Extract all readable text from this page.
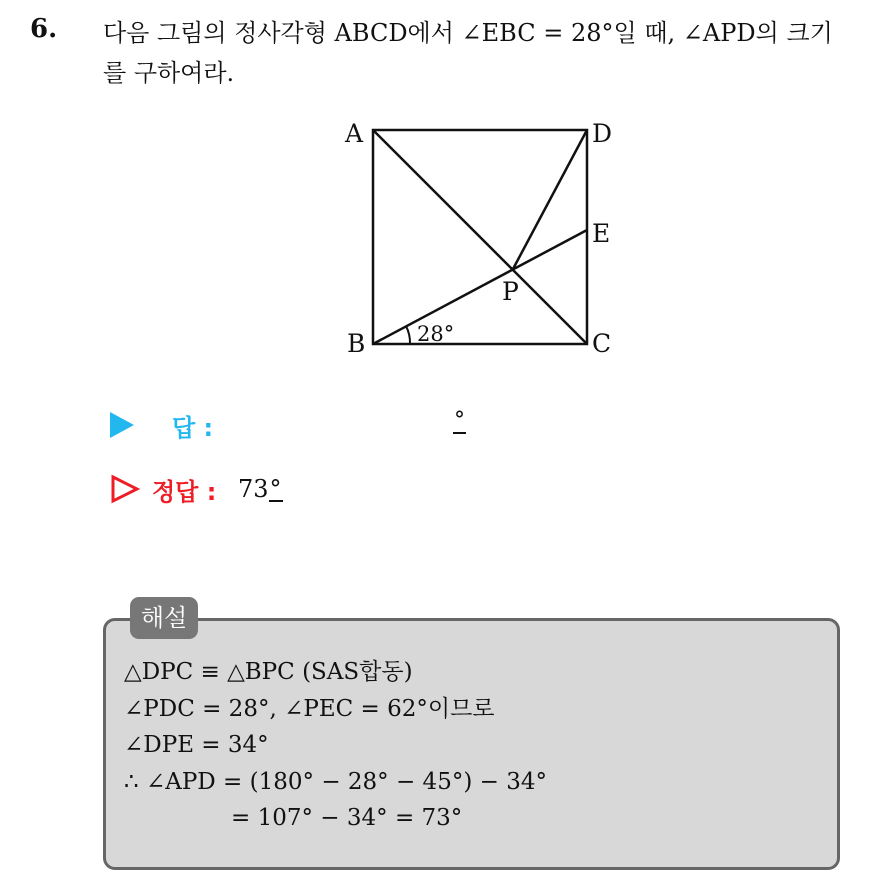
6. 다음 그림의 정사각형 ABCD에서 ∠EBC = 28°일 때, ∠APD의 크기
를 구하여라.
A	D
E
P
B	C
28°
답 :	°
정답 : 73°
해설
△DPC ≡ △BPC (SAS합동)
∠PDC = 28°, ∠PEC = 62°이므로
∠DPE = 34°
∴ ∠APD = (180° − 28° − 45°) − 34°
= 107° − 34° = 73°
